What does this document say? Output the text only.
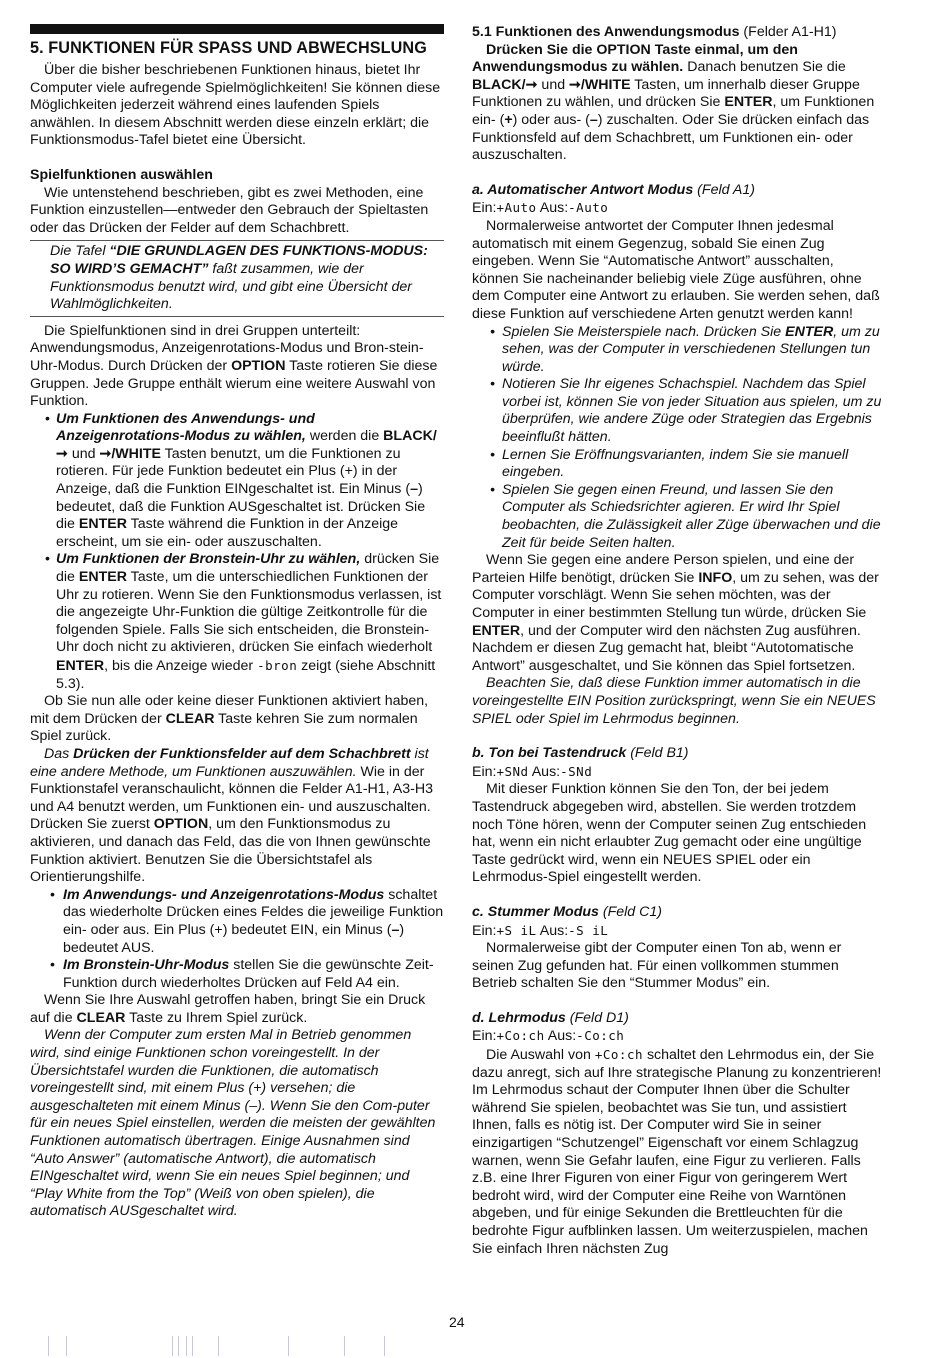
5. FUNKTIONEN FÜR SPASS UND ABWECHSLUNG

Über die bisher beschriebenen Funktionen hinaus, bietet Ihr Computer viele aufregende Spielmöglichkeiten! Sie können diese Möglichkeiten jederzeit während eines laufenden Spiels anwählen. In diesem Abschnitt werden diese einzeln erklärt; die Funktionsmodus-Tafel bietet eine Übersicht.

Spielfunktionen auswählen

Wie untenstehend beschrieben, gibt es zwei Methoden, eine Funktion einzustellen—entweder den Gebrauch der Spieltasten oder das Drücken der Felder auf dem Schachbrett.

Die Tafel “DIE GRUNDLAGEN DES FUNKTIONS-MODUS: SO WIRD’S GEMACHT” faßt zusammen, wie der Funktionsmodus benutzt wird, und gibt eine Übersicht der Wahlmöglichkeiten.

Die Spielfunktionen sind in drei Gruppen unterteilt: Anwendungsmodus, Anzeigenrotations-Modus und Bron-stein-Uhr-Modus. Durch Drücken der OPTION Taste rotieren Sie diese Gruppen. Jede Gruppe enthält wierum eine weitere Auswahl von Funktion.

• Um Funktionen des Anwendungs- und Anzeigenrotations-Modus zu wählen, werden die BLACK/➞ und ➞/WHITE Tasten benutzt, um die Funktionen zu rotieren. Für jede Funktion bedeutet ein Plus (+) in der Anzeige, daß die Funktion EINgeschaltet ist. Ein Minus (–) bedeutet, daß die Funktion AUSgeschaltet ist. Drücken Sie die ENTER Taste während die Funktion in der Anzeige erscheint, um sie ein- oder auszuschalten.
• Um Funktionen der Bronstein-Uhr zu wählen, drücken Sie die ENTER Taste, um die unterschiedlichen Funktionen der Uhr zu rotieren. Wenn Sie den Funktionsmodus verlassen, ist die angezeigte Uhr-Funktion die gültige Zeitkontrolle für die folgenden Spiele. Falls Sie sich entscheiden, die Bronstein-Uhr doch nicht zu aktivieren, drücken Sie einfach wiederholt ENTER, bis die Anzeige wieder -bron zeigt (siehe Abschnitt 5.3).

Ob Sie nun alle oder keine dieser Funktionen aktiviert haben, mit dem Drücken der CLEAR Taste kehren Sie zum normalen Spiel zurück.

Das Drücken der Funktionsfelder auf dem Schachbrett ist eine andere Methode, um Funktionen auszuwählen. Wie in der Funktionstafel veranschaulicht, können die Felder A1-H1, A3-H3 und A4 benutzt werden, um Funktionen ein- und auszuschalten. Drücken Sie zuerst OPTION, um den Funktionsmodus zu aktivieren, und danach das Feld, das die von Ihnen gewünschte Funktion aktiviert. Benutzen Sie die Übersichtstafel als Orientierungshilfe.

• Im Anwendungs- und Anzeigenrotations-Modus schaltet das wiederholte Drücken eines Feldes die jeweilige Funktion ein- oder aus. Ein Plus (+) bedeutet EIN, ein Minus (–) bedeutet AUS.
• Im Bronstein-Uhr-Modus stellen Sie die gewünschte Zeit-Funktion durch wiederholtes Drücken auf Feld A4 ein.

Wenn Sie Ihre Auswahl getroffen haben, bringt Sie ein Druck auf die CLEAR Taste zu Ihrem Spiel zurück.

Wenn der Computer zum ersten Mal in Betrieb genommen wird, sind einige Funktionen schon voreingestellt. In der Übersichtstafel wurden die Funktionen, die automatisch voreingestellt sind, mit einem Plus (+) versehen; die ausgeschalteten mit einem Minus (–). Wenn Sie den Com-puter für ein neues Spiel einstellen, werden die meisten der gewählten Funktionen automatisch übertragen. Einige Ausnahmen sind “Auto Answer” (automatische Antwort), die automatisch EINgeschaltet wird, wenn Sie ein neues Spiel beginnen; und “Play White from the Top” (Weiß von oben spielen), die automatisch AUSgeschaltet wird.

5.1 Funktionen des Anwendungsmodus (Felder A1-H1)

Drücken Sie die OPTION Taste einmal, um den Anwendungsmodus zu wählen. Danach benutzen Sie die BLACK/➞ und ➞/WHITE Tasten, um innerhalb dieser Gruppe Funktionen zu wählen, und drücken Sie ENTER, um Funktionen ein- (+) oder aus- (–) zuschalten. Oder Sie drücken einfach das Funktionsfeld auf dem Schachbrett, um Funktionen ein- oder auszuschalten.

a. Automatischer Antwort Modus (Feld A1)

Ein:+Auto Aus:-Auto

Normalerweise antwortet der Computer Ihnen jedesmal automatisch mit einem Gegenzug, sobald Sie einen Zug eingeben. Wenn Sie “Automatische Antwort” ausschalten, können Sie nacheinander beliebig viele Züge ausführen, ohne dem Computer eine Antwort zu erlauben. Sie werden sehen, daß diese Funktion auf verschiedene Arten genutzt werden kann!

• Spielen Sie Meisterspiele nach. Drücken Sie ENTER, um zu sehen, was der Computer in verschiedenen Stellungen tun würde.
• Notieren Sie Ihr eigenes Schachspiel. Nachdem das Spiel vorbei ist, können Sie von jeder Situation aus spielen, um zu überprüfen, wie andere Züge oder Strategien das Ergebnis beeinflußt hätten.
• Lernen Sie Eröffnungsvarianten, indem Sie sie manuell eingeben.
• Spielen Sie gegen einen Freund, und lassen Sie den Computer als Schiedsrichter agieren. Er wird Ihr Spiel beobachten, die Zulässigkeit aller Züge überwachen und die Zeit für beide Seiten halten.

Wenn Sie gegen eine andere Person spielen, und eine der Parteien Hilfe benötigt, drücken Sie INFO, um zu sehen, was der Computer vorschlägt. Wenn Sie sehen möchten, was der Computer in einer bestimmten Stellung tun würde, drücken Sie ENTER, und der Computer wird den nächsten Zug ausführen. Nachdem er diesen Zug gemacht hat, bleibt “Autotomatische Antwort” ausgeschaltet, und Sie können das Spiel fortsetzen.

Beachten Sie, daß diese Funktion immer automatisch in die voreingestellte EIN Position zurückspringt, wenn Sie ein NEUES SPIEL oder Spiel im Lehrmodus beginnen.

b. Ton bei Tastendruck (Feld B1)

Ein:+SNd Aus:-SNd

Mit dieser Funktion können Sie den Ton, der bei jedem Tastendruck abgegeben wird, abstellen. Sie werden trotzdem noch Töne hören, wenn der Computer seinen Zug entschieden hat, wenn ein nicht erlaubter Zug gemacht oder eine ungültige Taste gedrückt wird, wenn ein NEUES SPIEL oder ein Lehrmodus-Spiel eingestellt werden.

c. Stummer Modus (Feld C1)

Ein:+S iL Aus:-S iL

Normalerweise gibt der Computer einen Ton ab, wenn er seinen Zug gefunden hat. Für einen vollkommen stummen Betrieb schalten Sie den “Stummer Modus” ein.

d. Lehrmodus (Feld D1)

Ein:+Co:ch Aus:-Co:ch

Die Auswahl von +Co:ch schaltet den Lehrmodus ein, der Sie dazu anregt, sich auf Ihre strategische Planung zu konzentrieren! Im Lehrmodus schaut der Computer Ihnen über die Schulter während Sie spielen, beobachtet was Sie tun, und assistiert Ihnen, falls es nötig ist. Der Computer wird Sie in seiner einzigartigen “Schutzengel” Eigenschaft vor einem Schlagzug warnen, wenn Sie Gefahr laufen, eine Figur zu verlieren. Falls z.B. eine Ihrer Figuren von einer Figur von geringerem Wert bedroht wird, wird der Computer eine Reihe von Warntönen abgeben, und für einige Sekunden die Brettleuchten für die bedrohte Figur aufblinken lassen. Um weiterzuspielen, machen Sie einfach Ihren nächsten Zug

24
